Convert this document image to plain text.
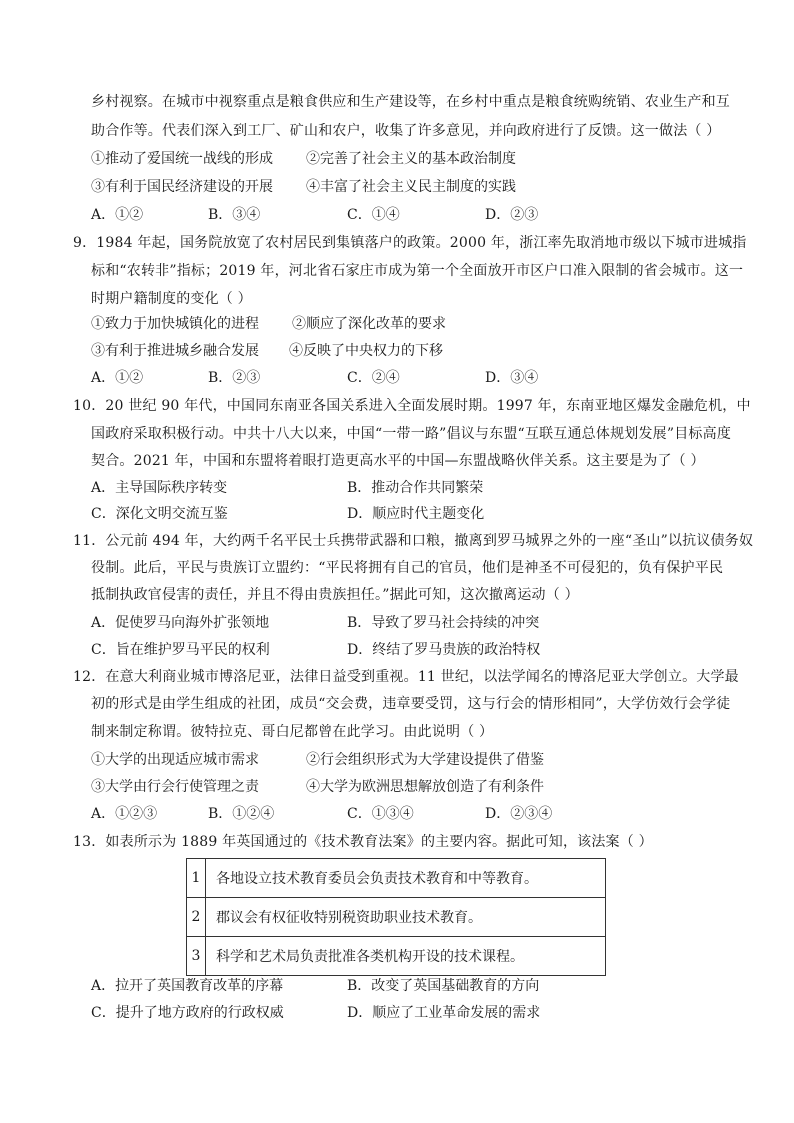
乡村视察。在城市中视察重点是粮食供应和生产建设等，在乡村中重点是粮食统购统销、农业生产和互
助合作等。代表们深入到工厂、矿山和农户，收集了许多意见，并向政府进行了反馈。这一做法（ ）
①推动了爱国统一战线的形成 ②完善了社会主义的基本政治制度
③有利于国民经济建设的开展 ④丰富了社会主义民主制度的实践
A．①②	B．③④	C．①④	D．②③
9．1984 年起，国务院放宽了农村居民到集镇落户的政策。2000 年，浙江率先取消地市级以下城市进城指
标和“农转非”指标；2019 年，河北省石家庄市成为第一个全面放开市区户口准入限制的省会城市。这一
时期户籍制度的变化（ ）
①致力于加快城镇化的进程 ②顺应了深化改革的要求
③有利于推进城乡融合发展 ④反映了中央权力的下移
A．①②	B．②③	C．②④	D．③④
10．20 世纪 90 年代，中国同东南亚各国关系进入全面发展时期。1997 年，东南亚地区爆发金融危机，中
国政府采取积极行动。中共十八大以来，中国“一带一路”倡议与东盟“互联互通总体规划发展”目标高度
契合。2021 年，中国和东盟将着眼打造更高水平的中国—东盟战略伙伴关系。这主要是为了（ ）
A．主导国际秩序转变	B．推动合作共同繁荣
C．深化文明交流互鉴	D．顺应时代主题变化
11．公元前 494 年，大约两千名平民士兵携带武器和口粮，撤离到罗马城界之外的一座“圣山”以抗议债务奴
役制。此后，平民与贵族订立盟约：“平民将拥有自己的官员，他们是神圣不可侵犯的，负有保护平民
抵制执政官侵害的责任，并且不得由贵族担任。”据此可知，这次撤离运动（ ）
A．促使罗马向海外扩张领地	B．导致了罗马社会持续的冲突
C．旨在维护罗马平民的权利	D．终结了罗马贵族的政治特权
12．在意大利商业城市博洛尼亚，法律日益受到重视。11 世纪，以法学闻名的博洛尼亚大学创立。大学最
初的形式是由学生组成的社团，成员“交会费，违章要受罚，这与行会的情形相同”，大学仿效行会学徒
制来制定称谓。彼特拉克、哥白尼都曾在此学习。由此说明（ ）
①大学的出现适应城市需求	②行会组织形式为大学建设提供了借鉴
③大学由行会行使管理之责	④大学为欧洲思想解放创造了有利条件
A．①②③	B．①②④	C．①③④	D．②③④
13．如表所示为 1889 年英国通过的《技术教育法案》的主要内容。据此可知，该法案（ ）
1	各地设立技术教育委员会负责技术教育和中等教育。
2	郡议会有权征收特别税资助职业技术教育。
3	科学和艺术局负责批准各类机构开设的技术课程。
A．拉开了英国教育改革的序幕	B．改变了英国基础教育的方向
C．提升了地方政府的行政权威	D．顺应了工业革命发展的需求
